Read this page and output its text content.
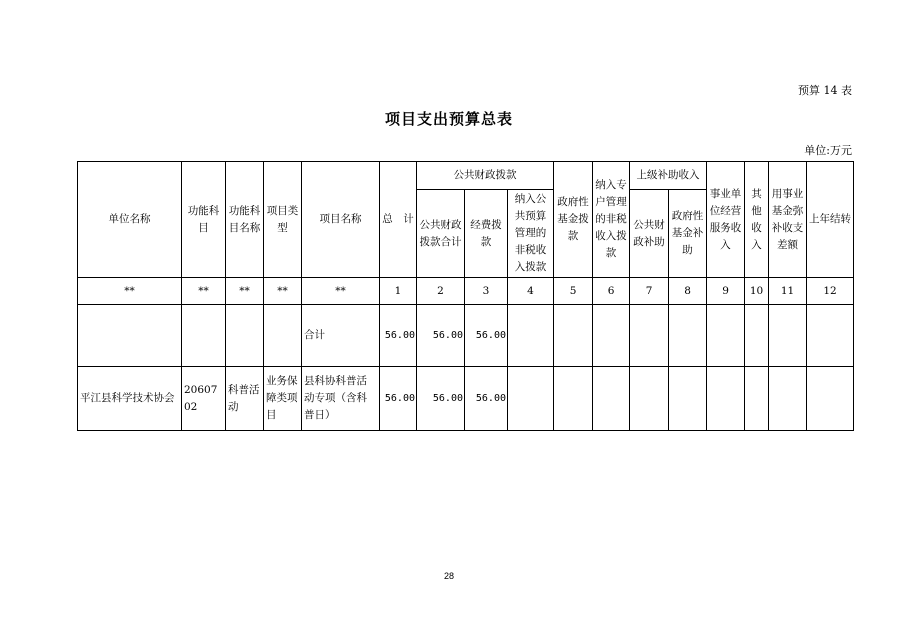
预算 14 表
项目支出预算总表
单位:万元
单位名称	功能科目	功能科目名称	项目类型	项目名称	总　计	公共财政拨款			政府性基金拨款	纳入专户管理的非税收入拨款	上级补助收入		事业单位经营服务收入	其他收入	用事业基金弥补收支差额	上年结转
						公共财政拨款合计	经费拨款	纳入公共预算管理的非税收入拨款			公共财政补助	政府性基金补助				
**	**	**	**	**	1	2	3	4	5	6	7	8	9	10	11	12
				合计	56.00	56.00	56.00									
平江县科学技术协会	2060702	科普活动	业务保障类项目	县科协科普活动专项（含科普日）	56.00	56.00	56.00									
28
